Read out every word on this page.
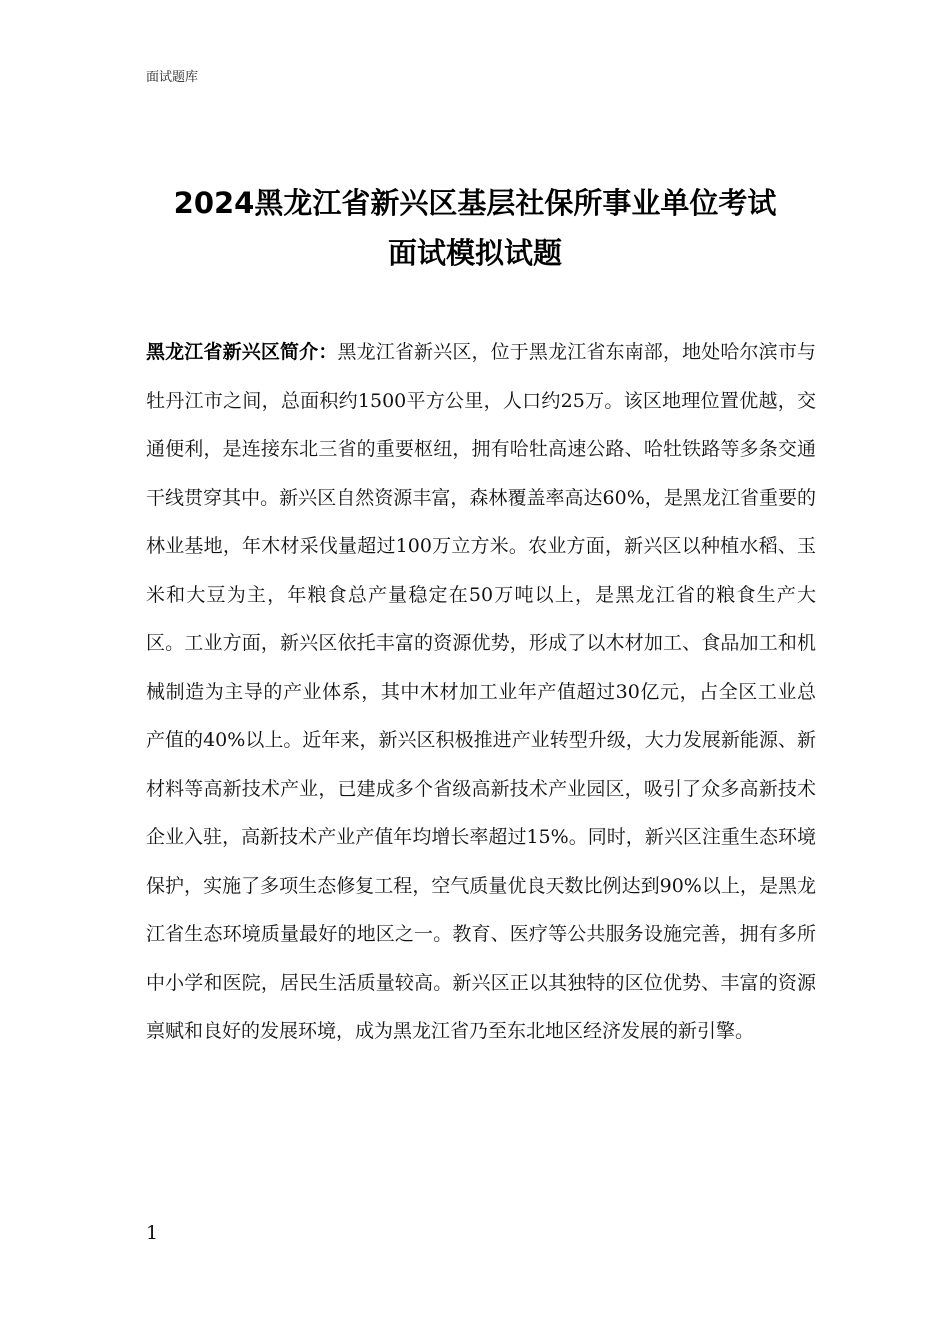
面试题库
2024黑龙江省新兴区基层社保所事业单位考试
面试模拟试题
黑龙江省新兴区简介：黑龙江省新兴区，位于黑龙江省东南部，地处哈尔滨市与牡丹江市之间，总面积约1500平方公里，人口约25万。该区地理位置优越，交通便利，是连接东北三省的重要枢纽，拥有哈牡高速公路、哈牡铁路等多条交通干线贯穿其中。新兴区自然资源丰富，森林覆盖率高达60%，是黑龙江省重要的林业基地，年木材采伐量超过100万立方米。农业方面，新兴区以种植水稻、玉米和大豆为主，年粮食总产量稳定在50万吨以上，是黑龙江省的粮食生产大区。工业方面，新兴区依托丰富的资源优势，形成了以木材加工、食品加工和机械制造为主导的产业体系，其中木材加工业年产值超过30亿元，占全区工业总产值的40%以上。近年来，新兴区积极推进产业转型升级，大力发展新能源、新材料等高新技术产业，已建成多个省级高新技术产业园区，吸引了众多高新技术企业入驻，高新技术产业产值年均增长率超过15%。同时，新兴区注重生态环境保护，实施了多项生态修复工程，空气质量优良天数比例达到90%以上，是黑龙江省生态环境质量最好的地区之一。教育、医疗等公共服务设施完善，拥有多所中小学和医院，居民生活质量较高。新兴区正以其独特的区位优势、丰富的资源禀赋和良好的发展环境，成为黑龙江省乃至东北地区经济发展的新引擎。
1
